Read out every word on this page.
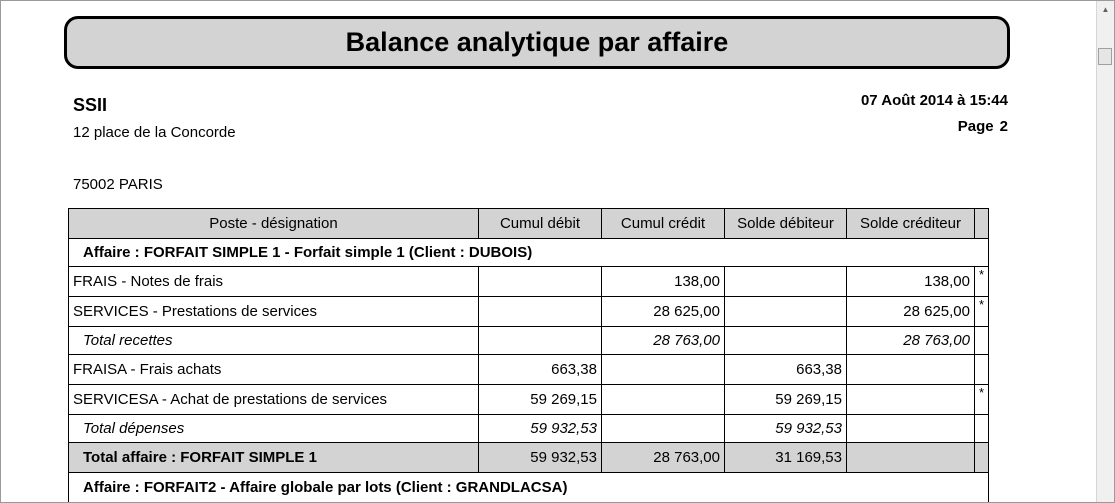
Balance analytique par affaire
SSII
12 place de la Concorde
75002 PARIS
07 Août 2014 à 15:44
Page 2
Poste - désignation	Cumul débit	Cumul crédit	Solde débiteur	Solde créditeur	
Affaire : FORFAIT SIMPLE 1 - Forfait simple 1 (Client : DUBOIS)					
FRAIS - Notes de frais		138,00		138,00	*
SERVICES - Prestations de services		28 625,00		28 625,00	*
Total recettes		28 763,00		28 763,00	
FRAISA - Frais achats	663,38		663,38		
SERVICESA - Achat de prestations de services	59 269,15		59 269,15		*
Total dépenses	59 932,53		59 932,53		
Total affaire : FORFAIT SIMPLE 1	59 932,53	28 763,00	31 169,53		
Affaire : FORFAIT2 - Affaire globale par lots (Client : GRANDLACSA)					
▲
